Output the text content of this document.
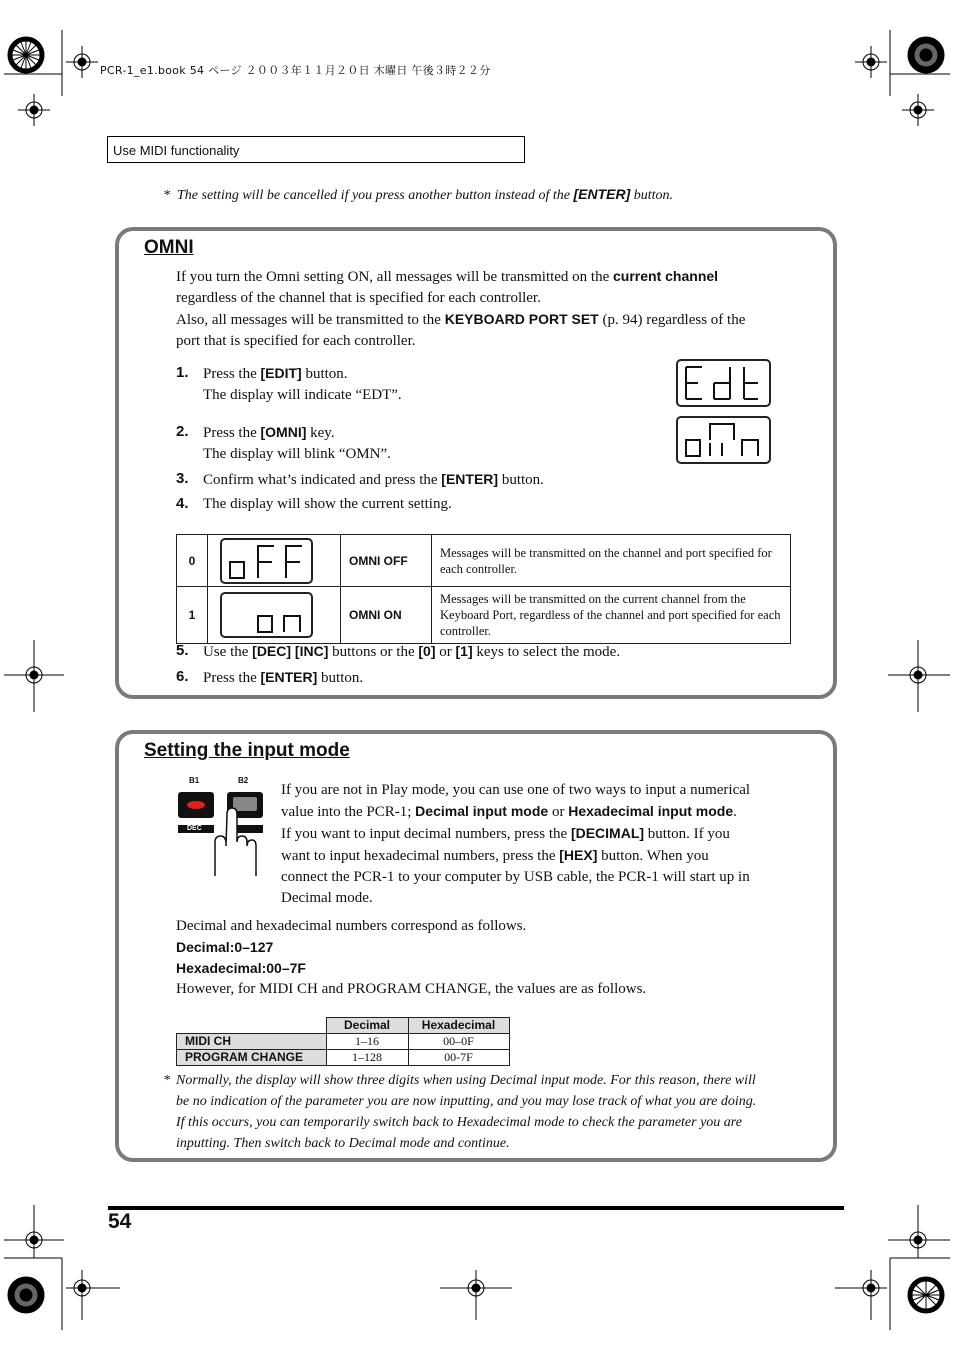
PCR-1_e1.book 54 ページ ２００３年１１月２０日 木曜日 午後３時２２分
Use MIDI functionality
* The setting will be cancelled if you press another button instead of the [ENTER] button.
OMNI
If you turn the Omni setting ON, all messages will be transmitted on the current channel
regardless of the channel that is specified for each controller.
Also, all messages will be transmitted to the KEYBOARD PORT SET (p. 94) regardless of the
port that is specified for each controller.
1. Press the [EDIT] button.
The display will indicate “EDT”.
2. Press the [OMNI] key.
The display will blink “OMN”.
3. Confirm what’s indicated and press the [ENTER] button.
4. The display will show the current setting.
0		OMNI OFF	Messages will be transmitted on the channel and port specified for each controller.
1		OMNI ON	Messages will be transmitted on the current channel from the Keyboard Port, regardless of the channel and port specified for each controller.
5. Use the [DEC] [INC] buttons or the [0] or [1] keys to select the mode.
6. Press the [ENTER] button.
Setting the input mode
B1	B2
DEC
If you are not in Play mode, you can use one of two ways to input a numerical
value into the PCR-1; Decimal input mode or Hexadecimal input mode.
If you want to input decimal numbers, press the [DECIMAL] button. If you
want to input hexadecimal numbers, press the [HEX] button. When you
connect the PCR-1 to your computer by USB cable, the PCR-1 will start up in
Decimal mode.
Decimal and hexadecimal numbers correspond as follows.
Decimal:0–127
Hexadecimal:00–7F
However, for MIDI CH and PROGRAM CHANGE, the values are as follows.
	Decimal	Hexadecimal
MIDI CH	1–16	00–0F
PROGRAM CHANGE	1–128	00-7F
* Normally, the display will show three digits when using Decimal input mode. For this reason, there will
be no indication of the parameter you are now inputting, and you may lose track of what you are doing.
If this occurs, you can temporarily switch back to Hexadecimal mode to check the parameter you are
inputting. Then switch back to Decimal mode and continue.
54
